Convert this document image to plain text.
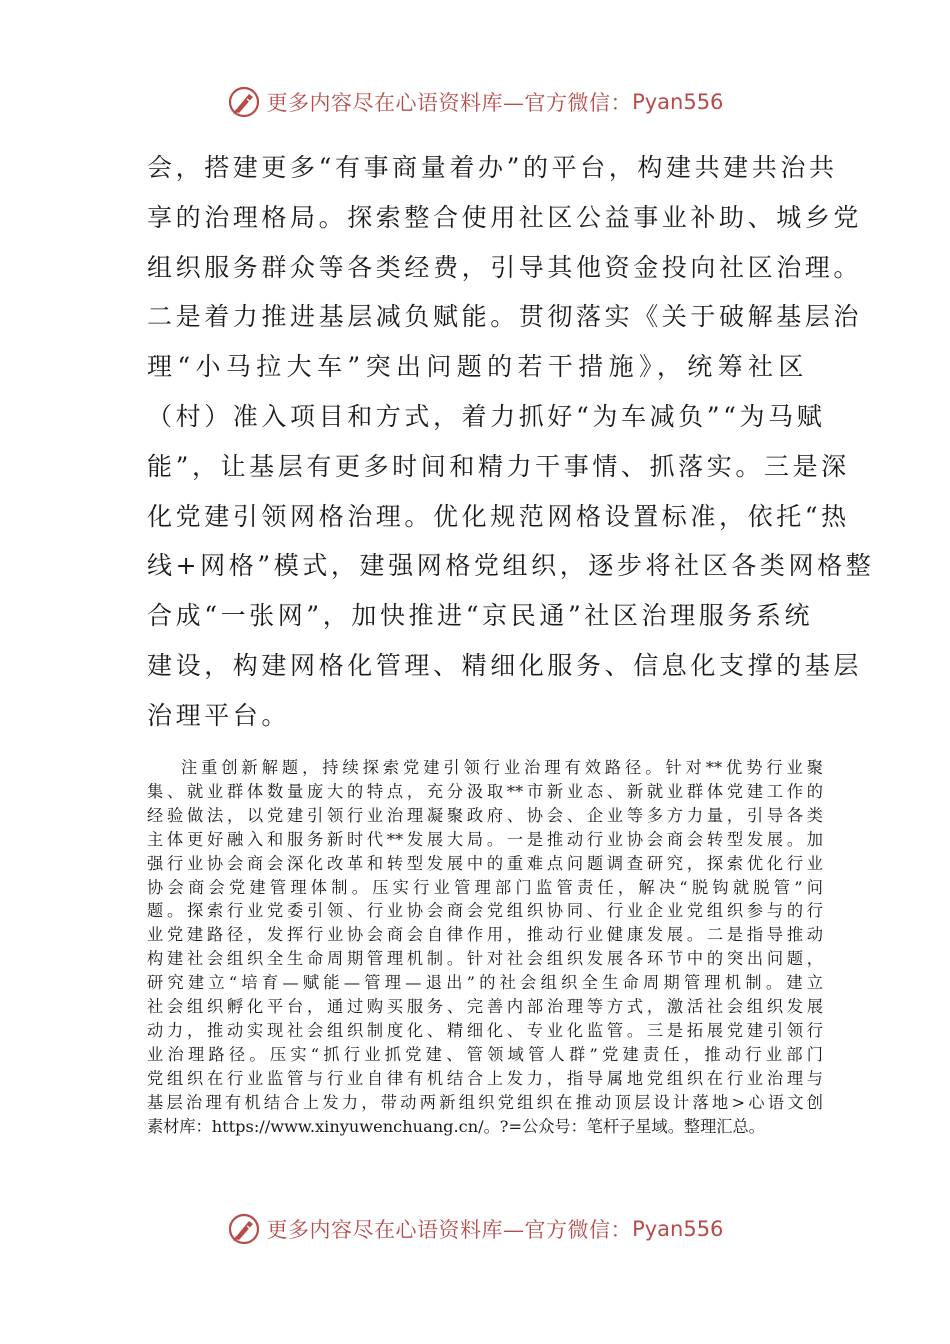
更多内容尽在心语资料库—官方微信： Pyan556
会，搭建更多“有事商量着办”的平台，构建共建共治共
享的治理格局。探索整合使用社区公益事业补助、城乡党
组织服务群众等各类经费，引导其他资金投向社区治理。
二是着力推进基层减负赋能。贯彻落实《关于破解基层治
理“小马拉大车”突出问题的若干措施》，统筹社区
（村）准入项目和方式，着力抓好“为车减负”“为马赋
能”，让基层有更多时间和精力干事情、抓落实。三是深
化党建引领网格治理。优化规范网格设置标准，依托“热
线+网格”模式，建强网格党组织，逐步将社区各类网格整
合成“一张网”，加快推进“京民通”社区治理服务系统
建设，构建网格化管理、精细化服务、信息化支撑的基层
治理平台。
注重创新解题，持续探索党建引领行业治理有效路径。针对**优势行业聚
集、就业群体数量庞大的特点，充分汲取**市新业态、新就业群体党建工作的
经验做法，以党建引领行业治理凝聚政府、协会、企业等多方力量，引导各类
主体更好融入和服务新时代**发展大局。一是推动行业协会商会转型发展。加
强行业协会商会深化改革和转型发展中的重难点问题调查研究，探索优化行业
协会商会党建管理体制。压实行业管理部门监管责任，解决“脱钩就脱管”问
题。探索行业党委引领、行业协会商会党组织协同、行业企业党组织参与的行
业党建路径，发挥行业协会商会自律作用，推动行业健康发展。二是指导推动
构建社会组织全生命周期管理机制。针对社会组织发展各环节中的突出问题，
研究建立“培育—赋能—管理—退出”的社会组织全生命周期管理机制。建立
社会组织孵化平台，通过购买服务、完善内部治理等方式，激活社会组织发展
动力，推动实现社会组织制度化、精细化、专业化监管。三是拓展党建引领行
业治理路径。压实“抓行业抓党建、管领域管人群”党建责任，推动行业部门
党组织在行业监管与行业自律有机结合上发力，指导属地党组织在行业治理与
基层治理有机结合上发力，带动两新组织党组织在推动顶层设计落地>心语文创
素材库：https://www.xinyuwenchuang.cn/。?=公众号：笔杆子星域。整理汇总。
更多内容尽在心语资料库—官方微信： Pyan556
